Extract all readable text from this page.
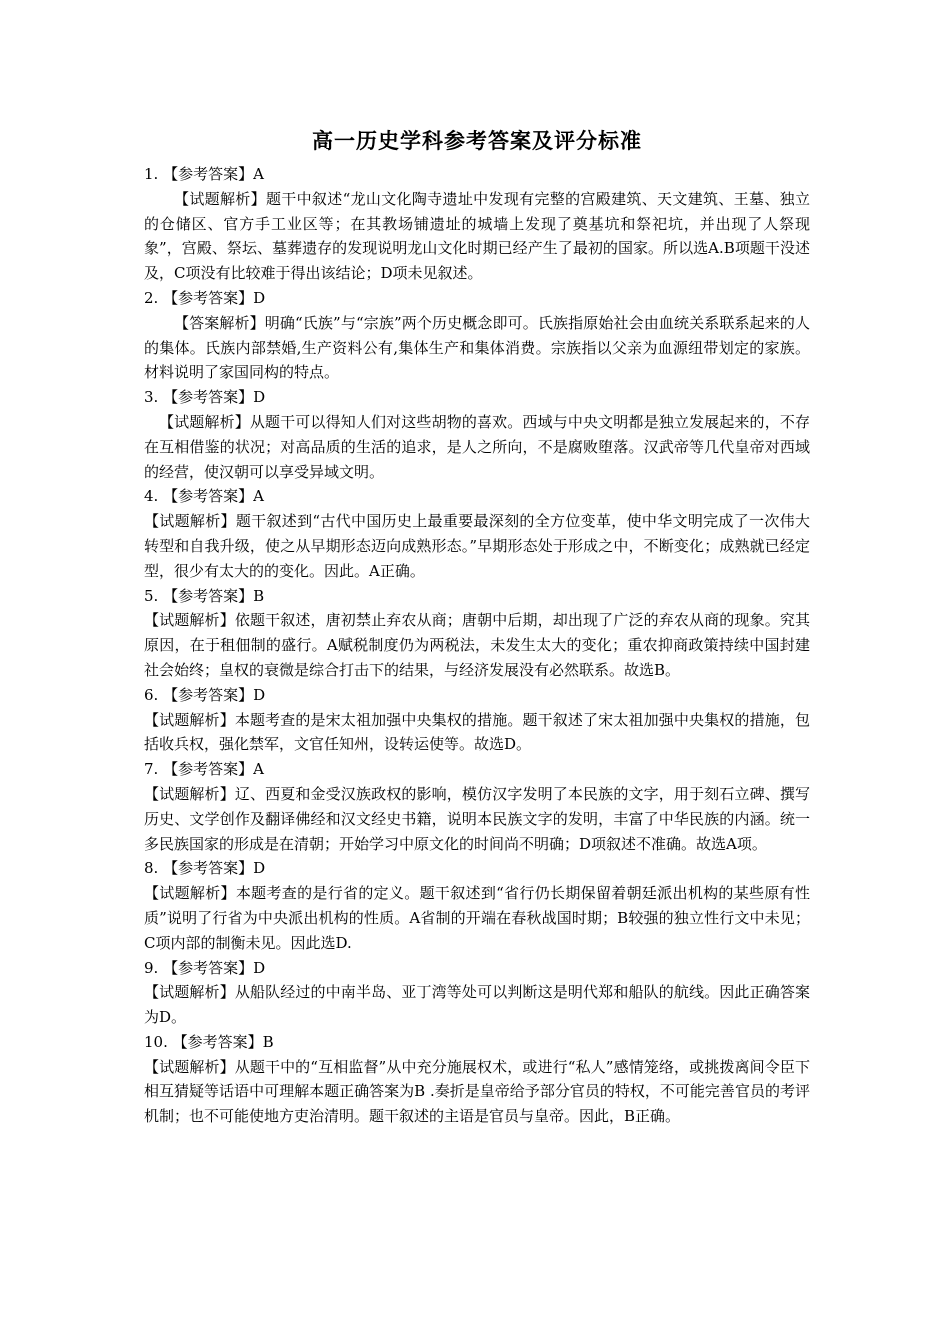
高一历史学科参考答案及评分标准

1. 【参考答案】A

【试题解析】题干中叙述“龙山文化陶寺遗址中发现有完整的宫殿建筑、天文建筑、王墓、独立的仓储区、官方手工业区等；在其教场铺遗址的城墙上发现了奠基坑和祭祀坑，并出现了人祭现象”，宫殿、祭坛、墓葬遗存的发现说明龙山文化时期已经产生了最初的国家。所以选A.B项题干没述及，C项没有比较难于得出该结论；D项未见叙述。

2. 【参考答案】D

【答案解析】明确“氏族”与“宗族”两个历史概念即可。氏族指原始社会由血统关系联系起来的人的集体。氏族内部禁婚,生产资料公有,集体生产和集体消费。宗族指以父亲为血源纽带划定的家族。材料说明了家国同构的特点。

3. 【参考答案】D

【试题解析】从题干可以得知人们对这些胡物的喜欢。西域与中央文明都是独立发展起来的，不存在互相借鉴的状况；对高品质的生活的追求，是人之所向，不是腐败堕落。汉武帝等几代皇帝对西域的经营，使汉朝可以享受异域文明。

4. 【参考答案】A

【试题解析】题干叙述到“古代中国历史上最重要最深刻的全方位变革，使中华文明完成了一次伟大转型和自我升级，使之从早期形态迈向成熟形态。”早期形态处于形成之中，不断变化；成熟就已经定型，很少有太大的的变化。因此。A正确。

5. 【参考答案】B

【试题解析】依题干叙述，唐初禁止弃农从商；唐朝中后期，却出现了广泛的弃农从商的现象。究其原因，在于租佃制的盛行。A赋税制度仍为两税法，未发生太大的变化；重农抑商政策持续中国封建社会始终；皇权的衰微是综合打击下的结果，与经济发展没有必然联系。故选B。

6. 【参考答案】D

【试题解析】本题考查的是宋太祖加强中央集权的措施。题干叙述了宋太祖加强中央集权的措施，包括收兵权，强化禁军，文官任知州，设转运使等。故选D。

7. 【参考答案】A

【试题解析】辽、西夏和金受汉族政权的影响，模仿汉字发明了本民族的文字，用于刻石立碑、撰写历史、文学创作及翻译佛经和汉文经史书籍，说明本民族文字的发明，丰富了中华民族的内涵。统一多民族国家的形成是在清朝；开始学习中原文化的时间尚不明确；D项叙述不准确。故选A项。

8. 【参考答案】D

【试题解析】本题考查的是行省的定义。题干叙述到“省行仍长期保留着朝廷派出机构的某些原有性质”说明了行省为中央派出机构的性质。A省制的开端在春秋战国时期；B较强的独立性行文中未见；C项内部的制衡未见。因此选D.

9. 【参考答案】D

【试题解析】从船队经过的中南半岛、亚丁湾等处可以判断这是明代郑和船队的航线。因此正确答案为D。

10. 【参考答案】B

【试题解析】从题干中的“互相监督”从中充分施展权术，或进行“私人”感情笼络，或挑拨离间令臣下相互猜疑等话语中可理解本题正确答案为B .奏折是皇帝给予部分官员的特权，不可能完善官员的考评机制；也不可能使地方吏治清明。题干叙述的主语是官员与皇帝。因此，B正确。
